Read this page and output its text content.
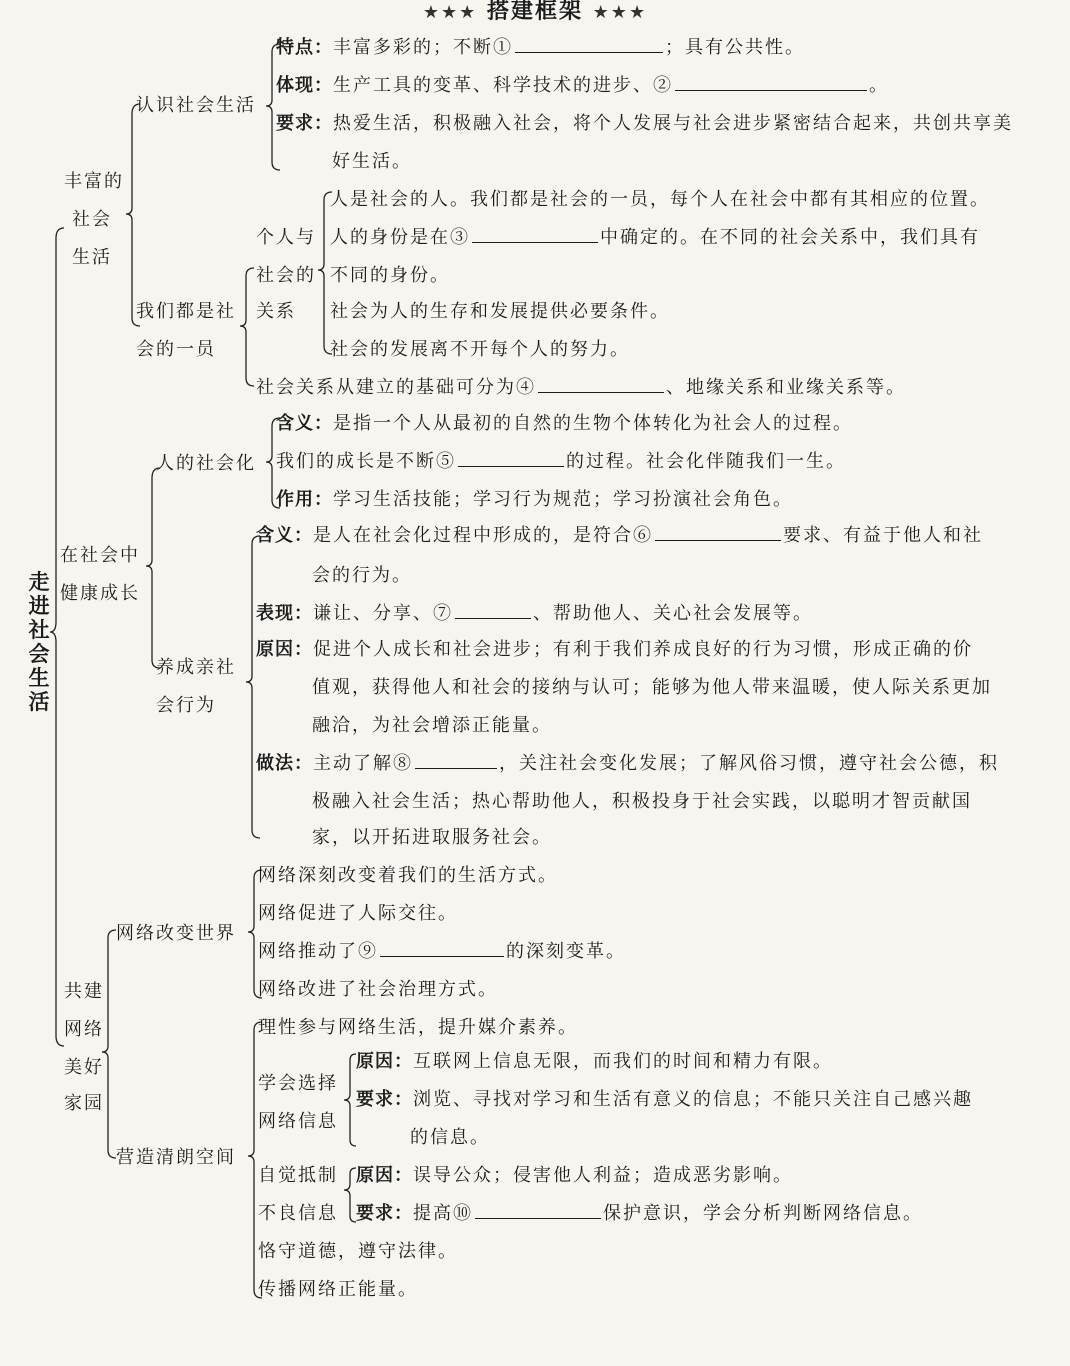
★★★ 搭建框架 ★★★
走进社会生活
丰富的
社会
生活
认识社会生活
特点：丰富多彩的；不断①	；具有公共性。
体现：生产工具的变革、科学技术的进步、②	。
要求：热爱生活，积极融入社会，将个人发展与社会进步紧密结合起来，共创共享美
好生活。
我们都是社
会的一员
个人与
社会的
关系
人是社会的人。我们都是社会的一员，每个人在社会中都有其相应的位置。
人的身份是在③	中确定的。在不同的社会关系中，我们具有
不同的身份。
社会为人的生存和发展提供必要条件。
社会的发展离不开每个人的努力。
社会关系从建立的基础可分为④	、地缘关系和业缘关系等。
在社会中
健康成长
人的社会化
含义：是指一个人从最初的自然的生物个体转化为社会人的过程。
我们的成长是不断⑤	的过程。社会化伴随我们一生。
作用：学习生活技能；学习行为规范；学习扮演社会角色。
养成亲社
会行为
含义：是人在社会化过程中形成的，是符合⑥	要求、有益于他人和社
会的行为。
表现：谦让、分享、⑦	、帮助他人、关心社会发展等。
原因：促进个人成长和社会进步；有利于我们养成良好的行为习惯，形成正确的价
值观，获得他人和社会的接纳与认可；能够为他人带来温暖，使人际关系更加
融洽，为社会增添正能量。
做法：主动了解⑧	，关注社会变化发展；了解风俗习惯，遵守社会公德，积
极融入社会生活；热心帮助他人，积极投身于社会实践，以聪明才智贡献国
家，以开拓进取服务社会。
共建
网络
美好
家园
网络改变世界
网络深刻改变着我们的生活方式。
网络促进了人际交往。
网络推动了⑨	的深刻变革。
网络改进了社会治理方式。
营造清朗空间
理性参与网络生活，提升媒介素养。
学会选择
网络信息
原因：互联网上信息无限，而我们的时间和精力有限。
要求：浏览、寻找对学习和生活有意义的信息；不能只关注自己感兴趣
的信息。
自觉抵制
不良信息
原因：误导公众；侵害他人利益；造成恶劣影响。
要求：提高⑩	保护意识，学会分析判断网络信息。
恪守道德，遵守法律。
传播网络正能量。
